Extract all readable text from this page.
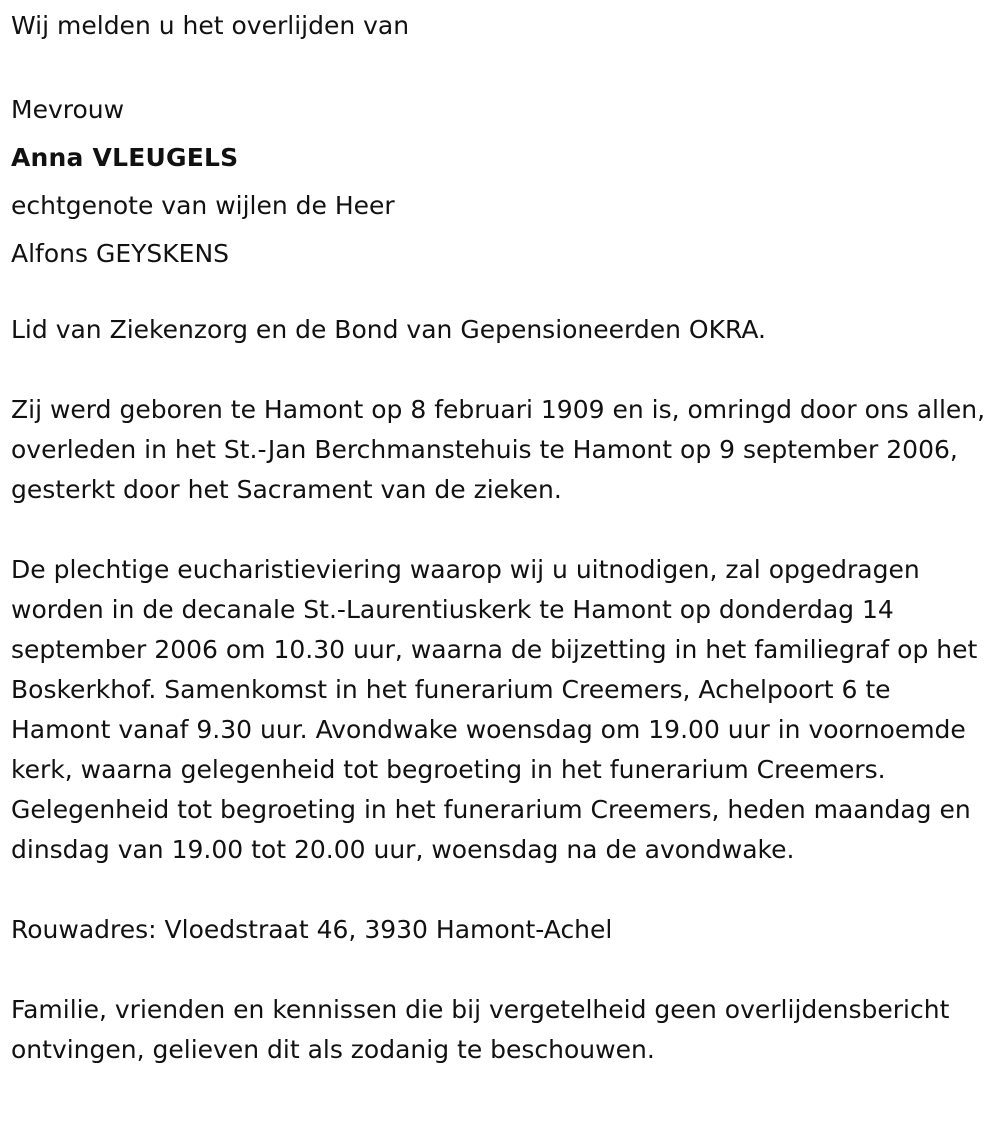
Wij melden u het overlijden van

Mevrouw

Anna VLEUGELS

echtgenote van wijlen de Heer

Alfons GEYSKENS

Lid van Ziekenzorg en de Bond van Gepensioneerden OKRA.

Zij werd geboren te Hamont op 8 februari 1909 en is, omringd door ons allen, overleden in het St.-Jan Berchmanstehuis te Hamont op 9 september 2006, gesterkt door het Sacrament van de zieken.

De plechtige eucharistieviering waarop wij u uitnodigen, zal opgedragen worden in de decanale St.-Laurentiuskerk te Hamont op donderdag 14 september 2006 om 10.30 uur, waarna de bijzetting in het familiegraf op het Boskerkhof. Samenkomst in het funerarium Creemers, Achelpoort 6 te Hamont vanaf 9.30 uur. Avondwake woensdag om 19.00 uur in voornoemde kerk, waarna gelegenheid tot begroeting in het funerarium Creemers. Gelegenheid tot begroeting in het funerarium Creemers, heden maandag en dinsdag van 19.00 tot 20.00 uur, woensdag na de avondwake.

Rouwadres: Vloedstraat 46, 3930 Hamont-Achel

Familie, vrienden en kennissen die bij vergetelheid geen overlijdensbericht ontvingen, gelieven dit als zodanig te beschouwen.
